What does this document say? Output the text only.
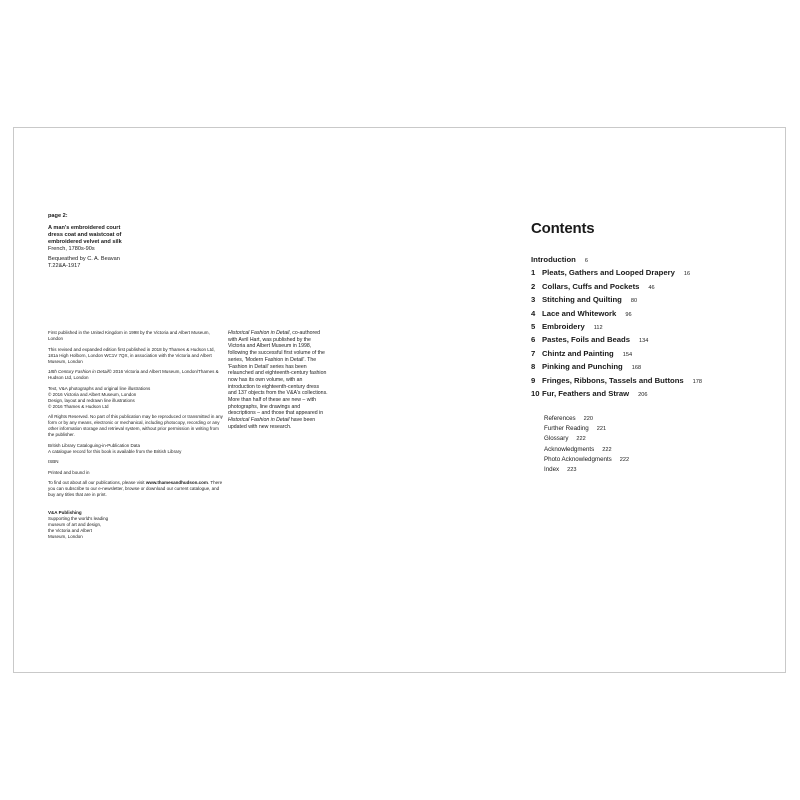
page 2:
A man's embroidered court
dress coat and waistcoat of
embroidered velvet and silk
French, 1780s-90s
Bequeathed by C. A. Beavan
T.22&A-1917

First published in the United Kingdom in 1998 by the Victoria and Albert Museum, London

This revised and expanded edition first published in 2018 by Thames & Hudson Ltd, 181a High Holborn, London WC1V 7QX, in association with the Victoria and Albert Museum, London

18th Century Fashion in Detail© 2016 Victoria and Albert Museum, London/Thames & Hudson Ltd, London

Text, V&A photographs and original line illustrations
© 2016 Victoria and Albert Museum, London
Design, layout and redrawn line illustrations
© 2016 Thames & Hudson Ltd

All Rights Reserved. No part of this publication may be reproduced or transmitted in any form or by any means, electronic or mechanical, including photocopy, recording or any other information storage and retrieval system, without prior permission in writing from the publisher.

British Library Cataloguing-in-Publication Data
A catalogue record for this book is available from the British Library

ISBN

Printed and bound in

To find out about all our publications, please visit www.thamesandhudson.com. There you can subscribe to our e-newsletter, browse or download our current catalogue, and buy any titles that are in print.

V&A Publishing
Supporting the world's leading
museum of art and design,
the Victoria and Albert
Museum, London
Historical Fashion in Detail, co-authored with Avril Hart, was published by the Victoria and Albert Museum in 1998, following the successful first volume of the series, 'Modern Fashion in Detail'. The 'Fashion in Detail' series has been relaunched and eighteenth-century fashion now has its own volume, with an introduction to eighteenth-century dress and 137 objects from the V&A's collections. More than half of these are new – with photographs, line drawings and descriptions – and those that appeared in Historical Fashion in Detail have been updated with new research.
Contents
Introduction 6
1 Pleats, Gathers and Looped Drapery 16
2 Collars, Cuffs and Pockets 46
3 Stitching and Quilting 80
4 Lace and Whitework 96
5 Embroidery 112
6 Pastes, Foils and Beads 134
7 Chintz and Painting 154
8 Pinking and Punching 168
9 Fringes, Ribbons, Tassels and Buttons 178
10 Fur, Feathers and Straw 206
References 220
Further Reading 221
Glossary 222
Acknowledgments 222
Photo Acknowledgments 222
Index 223
